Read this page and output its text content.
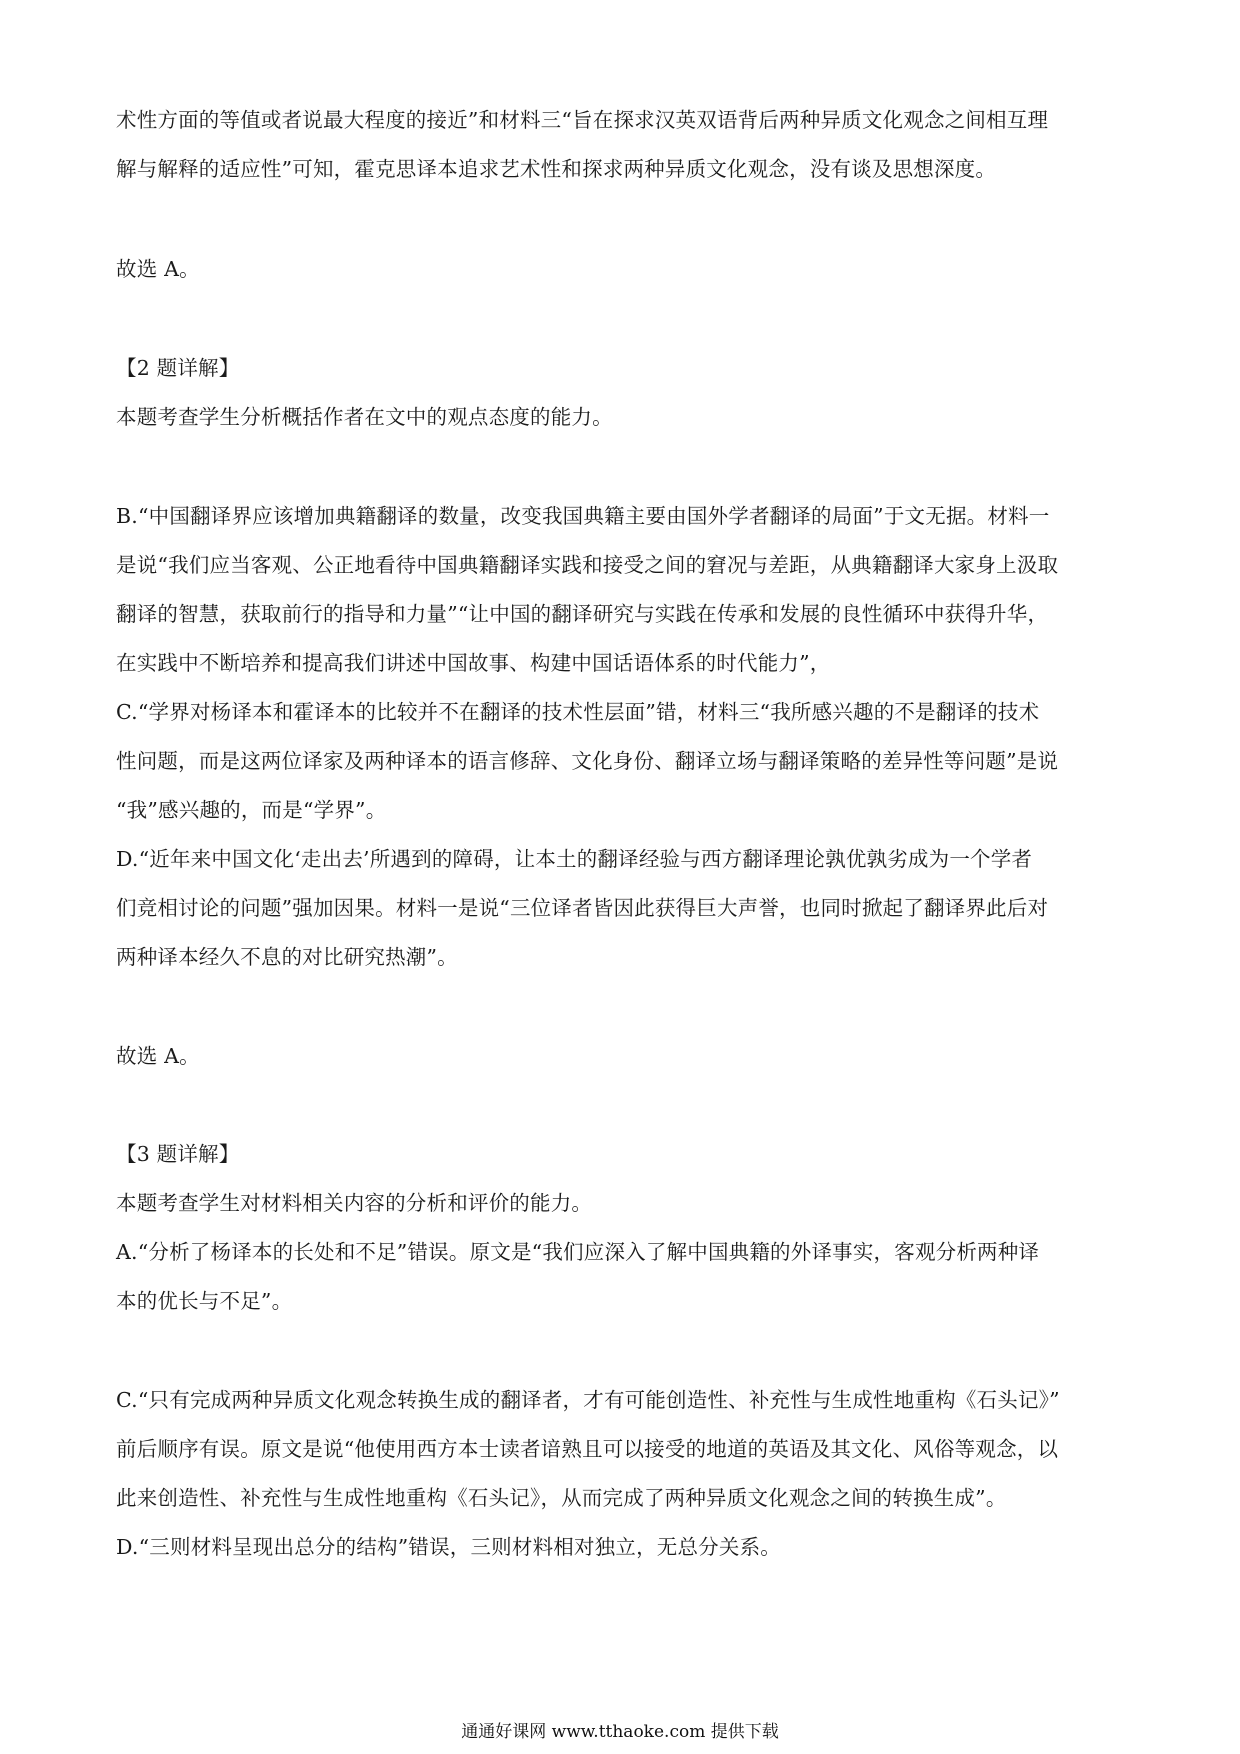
术性方面的等值或者说最大程度的接近”和材料三“旨在探求汉英双语背后两种异质文化观念之间相互理
解与解释的适应性”可知，霍克思译本追求艺术性和探求两种异质文化观念，没有谈及思想深度。
故选 A。
【2 题详解】
本题考查学生分析概括作者在文中的观点态度的能力。
B.“中国翻译界应该增加典籍翻译的数量，改变我国典籍主要由国外学者翻译的局面”于文无据。材料一
是说“我们应当客观、公正地看待中国典籍翻译实践和接受之间的窘况与差距，从典籍翻译大家身上汲取
翻译的智慧，获取前行的指导和力量”“让中国的翻译研究与实践在传承和发展的良性循环中获得升华，
在实践中不断培养和提高我们讲述中国故事、构建中国话语体系的时代能力”，
C.“学界对杨译本和霍译本的比较并不在翻译的技术性层面”错，材料三“我所感兴趣的不是翻译的技术
性问题，而是这两位译家及两种译本的语言修辞、文化身份、翻译立场与翻译策略的差异性等问题”是说
“我”感兴趣的，而是“学界”。
D.“近年来中国文化‘走出去’所遇到的障碍，让本土的翻译经验与西方翻译理论孰优孰劣成为一个学者
们竞相讨论的问题”强加因果。材料一是说“三位译者皆因此获得巨大声誉，也同时掀起了翻译界此后对
两种译本经久不息的对比研究热潮”。
故选 A。
【3 题详解】
本题考查学生对材料相关内容的分析和评价的能力。
A.“分析了杨译本的长处和不足”错误。原文是“我们应深入了解中国典籍的外译事实，客观分析两种译
本的优长与不足”。
C.“只有完成两种异质文化观念转换生成的翻译者，才有可能创造性、补充性与生成性地重构《石头记》”
前后顺序有误。原文是说“他使用西方本士读者谙熟且可以接受的地道的英语及其文化、风俗等观念，以
此来创造性、补充性与生成性地重构《石头记》，从而完成了两种异质文化观念之间的转换生成”。
D.“三则材料呈现出总分的结构”错误，三则材料相对独立，无总分关系。
通通好课网 www.tthaoke.com 提供下载
